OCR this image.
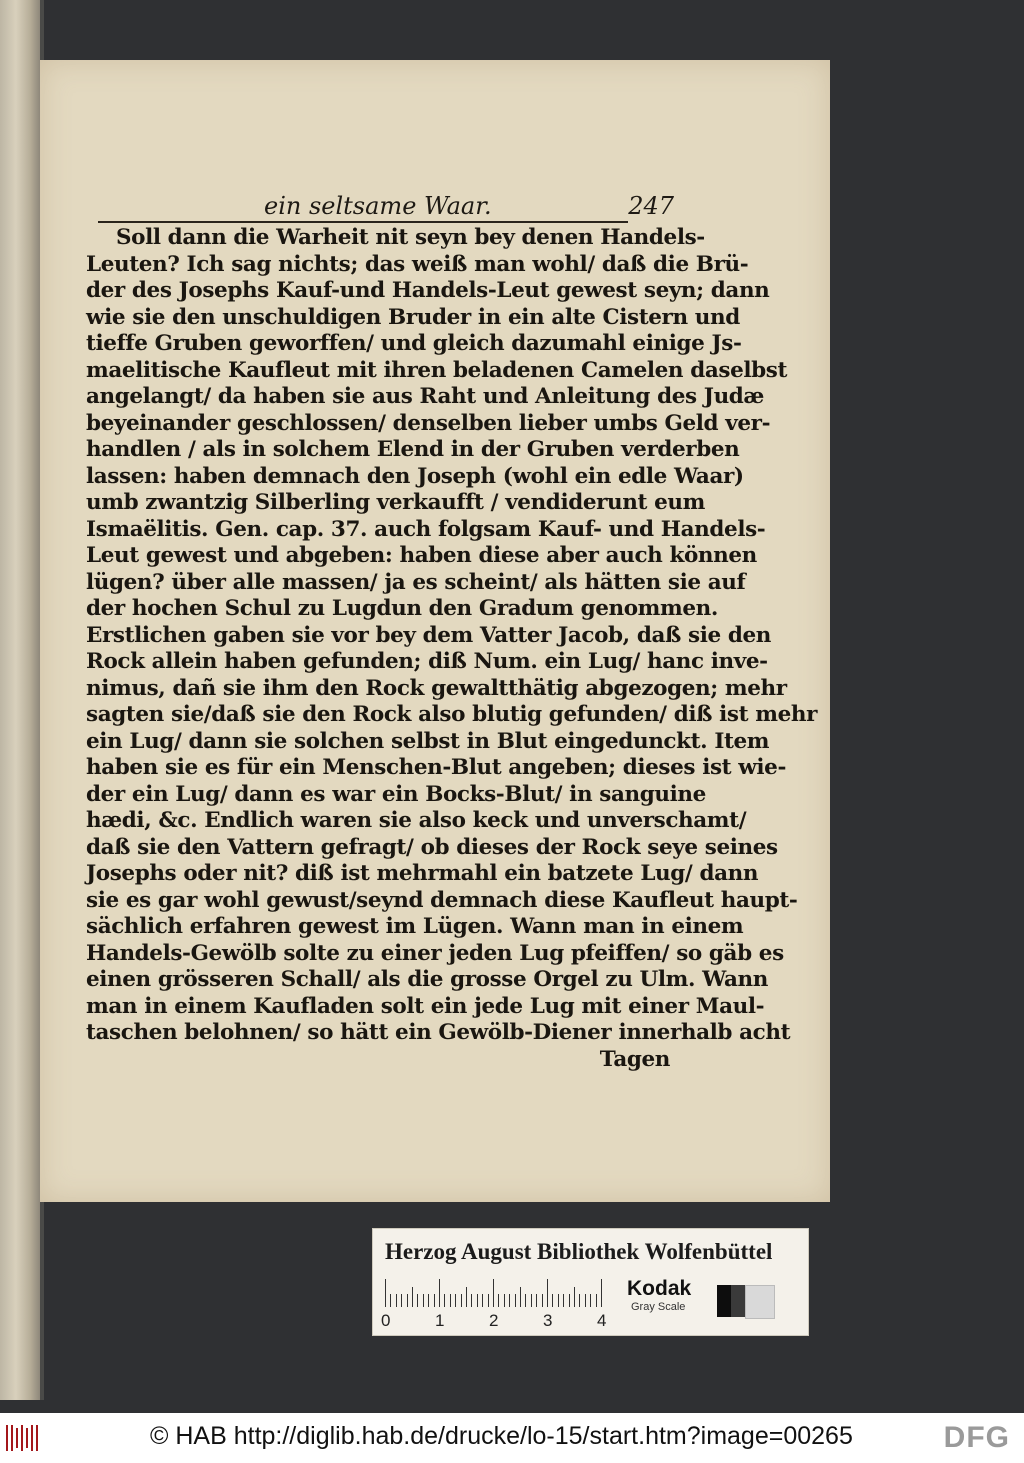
ein seltsame Waar.	247
Soll dann die Warheit nit seyn bey denen Handels-
Leuten? Ich sag nichts; das weiß man wohl/ daß die Brü-
der des Josephs Kauf-und Handels-Leut gewest seyn; dann
wie sie den unschuldigen Bruder in ein alte Cistern und
tieffe Gruben geworffen/ und gleich dazumahl einige Js-
maelitische Kaufleut mit ihren beladenen Camelen daselbst
angelangt/ da haben sie aus Raht und Anleitung des Judæ
beyeinander geschlossen/ denselben lieber umbs Geld ver-
handlen / als in solchem Elend in der Gruben verderben
lassen: haben demnach den Joseph (wohl ein edle Waar)
umb zwantzig Silberling verkaufft / vendiderunt eum
Ismaëlitis. Gen. cap. 37. auch folgsam Kauf- und Handels-
Leut gewest und abgeben: haben diese aber auch können
lügen? über alle massen/ ja es scheint/ als hätten sie auf
der hochen Schul zu Lugdun den Gradum genommen.
Erstlichen gaben sie vor bey dem Vatter Jacob, daß sie den
Rock allein haben gefunden; diß Num. ein Lug/ hanc inve-
nimus, dañ sie ihm den Rock gewaltthätig abgezogen; mehr
sagten sie/daß sie den Rock also blutig gefunden/ diß ist mehr
ein Lug/ dann sie solchen selbst in Blut eingedunckt. Item
haben sie es für ein Menschen-Blut angeben; dieses ist wie-
der ein Lug/ dann es war ein Bocks-Blut/ in sanguine
hædi, &c. Endlich waren sie also keck und unverschamt/
daß sie den Vattern gefragt/ ob dieses der Rock seye seines
Josephs oder nit? diß ist mehrmahl ein batzete Lug/ dann
sie es gar wohl gewust/seynd demnach diese Kaufleut haupt-
sächlich erfahren gewest im Lügen. Wann man in einem
Handels-Gewölb solte zu einer jeden Lug pfeiffen/ so gäb es
einen grösseren Schall/ als die grosse Orgel zu Ulm. Wann
man in einem Kaufladen solt ein jede Lug mit einer Maul-
taschen belohnen/ so hätt ein Gewölb-Diener innerhalb acht
Tagen
Herzog August Bibliothek Wolfenbüttel
0	1	2	3	4
Kodak
Gray Scale
© HAB http://diglib.hab.de/drucke/lo-15/start.htm?image=00265	DFG
